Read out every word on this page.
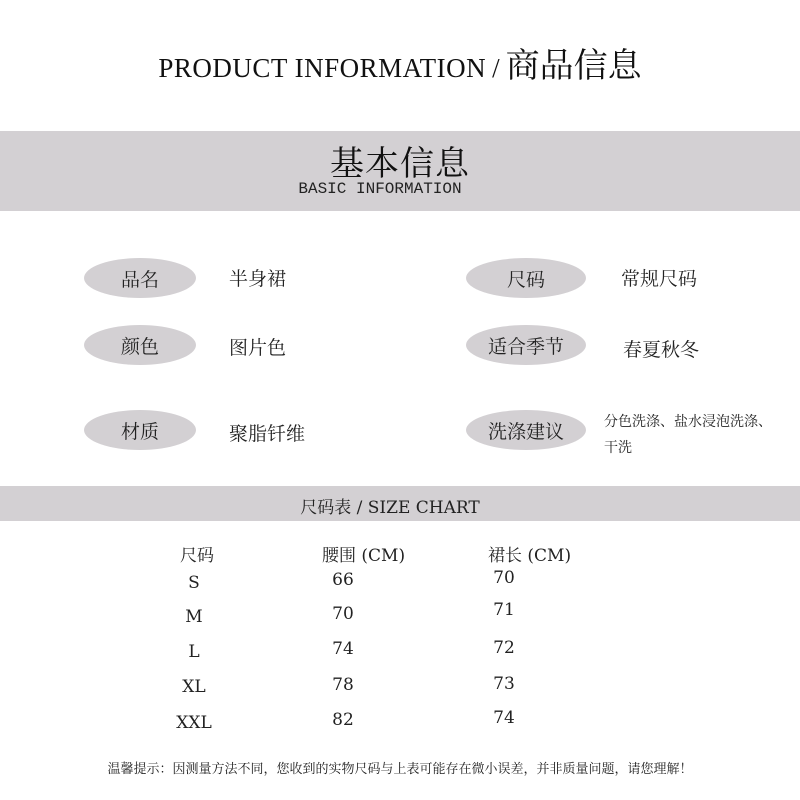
PRODUCT INFORMATION / 商品信息
基本信息
BASIC INFORMATION
品名	半身裙	尺码	常规尺码
颜色	图片色	适合季节	春夏秋冬
材质	聚脂钎维	洗涤建议	分色洗涤、盐水浸泡洗涤、
干洗
尺码表 / SIZE CHART
尺码	腰围 (CM)	裙长 (CM)
S	66	70
M	70	71
L	74	72
XL	78	73
XXL	82	74
温馨提示：因测量方法不同，您收到的实物尺码与上表可能存在微小误差，并非质量问题，请您理解！
